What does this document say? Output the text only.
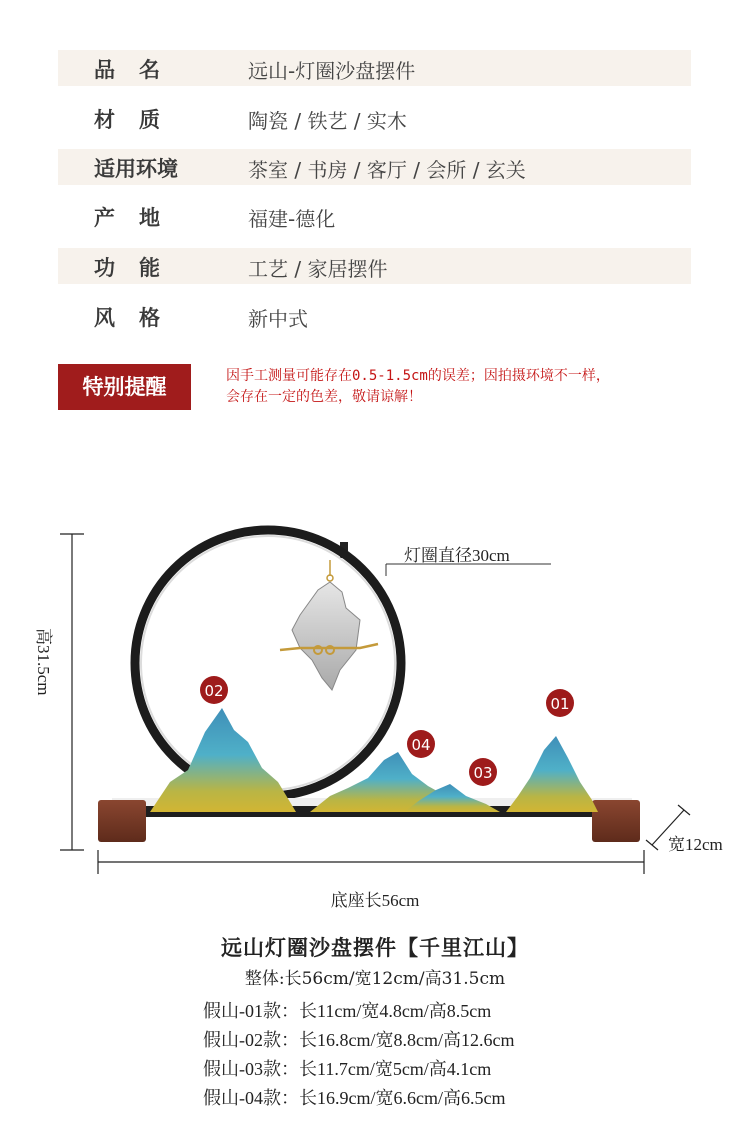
品名	远山-灯圈沙盘摆件
材质	陶瓷 / 铁艺 / 实木
适用环境	茶室 / 书房 / 客厅 / 会所 / 玄关
产地	福建-德化
功能	工艺 / 家居摆件
风格	新中式
特别提醒	因手工测量可能存在0.5-1.5cm的误差；因拍摄环境不一样，
会存在一定的色差，敬请谅解！
02
04
03
01
灯圈直径30cm
高31.5cm
宽12cm
底座长56cm
远山灯圈沙盘摆件【千里江山】
整体:长56cm/宽12cm/高31.5cm
假山-01款：长11cm/宽4.8cm/高8.5cm
假山-02款：长16.8cm/宽8.8cm/高12.6cm
假山-03款：长11.7cm/宽5cm/高4.1cm
假山-04款：长16.9cm/宽6.6cm/高6.5cm
